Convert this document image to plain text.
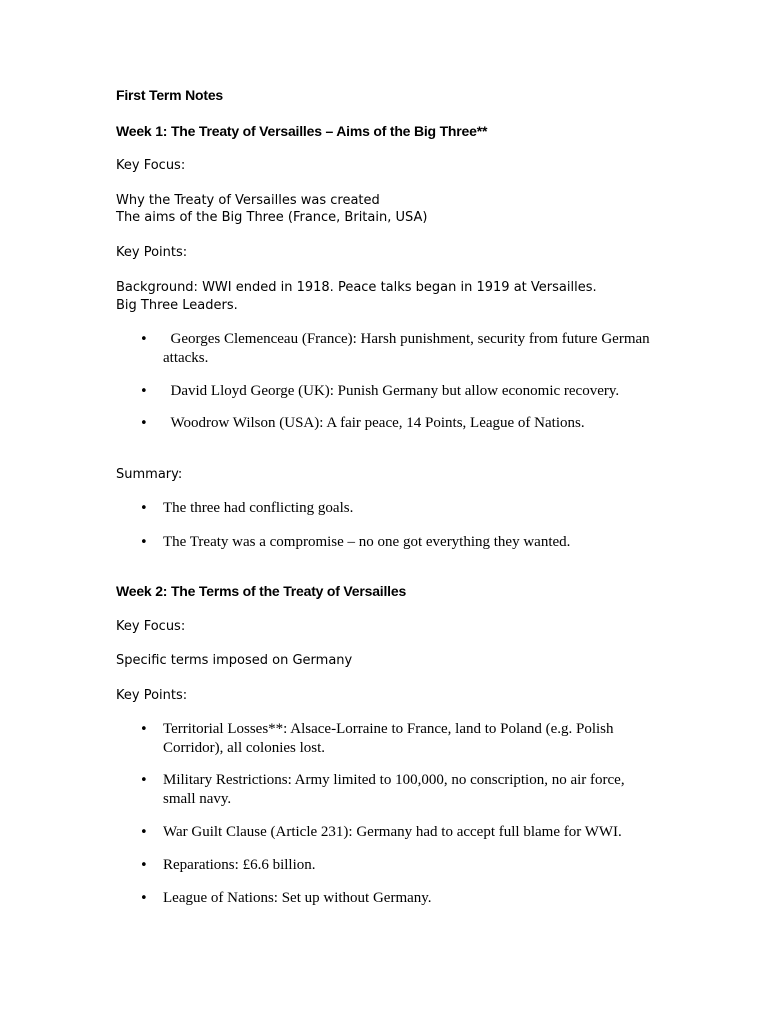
First Term Notes
Week 1: The Treaty of Versailles – Aims of the Big Three**
Key Focus:
Why the Treaty of Versailles was created
The aims of the Big Three (France, Britain, USA)
Key Points:
Background: WWI ended in 1918. Peace talks began in 1919 at Versailles.
Big Three Leaders.
• Georges Clemenceau (France): Harsh punishment, security from future German attacks.
• David Lloyd George (UK): Punish Germany but allow economic recovery.
• Woodrow Wilson (USA): A fair peace, 14 Points, League of Nations.
Summary:
• The three had conflicting goals.
• The Treaty was a compromise – no one got everything they wanted.
Week 2: The Terms of the Treaty of Versailles
Key Focus:
Specific terms imposed on Germany
Key Points:
• Territorial Losses**: Alsace-Lorraine to France, land to Poland (e.g. Polish Corridor), all colonies lost.
• Military Restrictions: Army limited to 100,000, no conscription, no air force, small navy.
• War Guilt Clause (Article 231): Germany had to accept full blame for WWI.
• Reparations: £6.6 billion.
• League of Nations: Set up without Germany.
